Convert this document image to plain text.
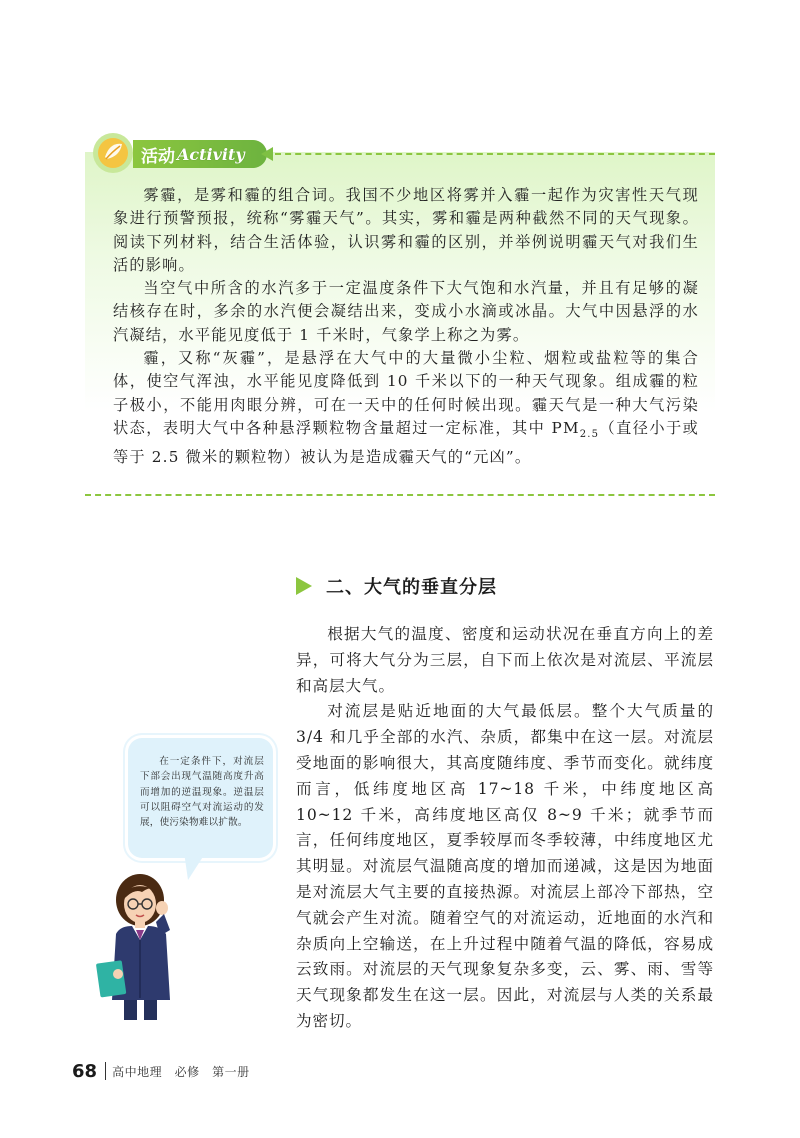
活动 Activity

雾霾，是雾和霾的组合词。我国不少地区将雾并入霾一起作为灾害性天气现象进行预警预报，统称“雾霾天气”。其实，雾和霾是两种截然不同的天气现象。阅读下列材料，结合生活体验，认识雾和霾的区别，并举例说明霾天气对我们生活的影响。

当空气中所含的水汽多于一定温度条件下大气饱和水汽量，并且有足够的凝结核存在时，多余的水汽便会凝结出来，变成小水滴或冰晶。大气中因悬浮的水汽凝结，水平能见度低于 1 千米时，气象学上称之为雾。

霾，又称“灰霾”，是悬浮在大气中的大量微小尘粒、烟粒或盐粒等的集合体，使空气浑浊，水平能见度降低到 10 千米以下的一种天气现象。组成霾的粒子极小，不能用肉眼分辨，可在一天中的任何时候出现。霾天气是一种大气污染状态，表明大气中各种悬浮颗粒物含量超过一定标准，其中 $PM_{2.5}$（直径小于或等于 2.5 微米的颗粒物）被认为是造成霾天气的“元凶”。

二、大气的垂直分层

根据大气的温度、密度和运动状况在垂直方向上的差异，可将大气分为三层，自下而上依次是对流层、平流层和高层大气。

对流层是贴近地面的大气最低层。整个大气质量的 3/4 和几乎全部的水汽、杂质，都集中在这一层。对流层受地面的影响很大，其高度随纬度、季节而变化。就纬度而言，低纬度地区高 17~18 千米，中纬度地区高 10~12 千米，高纬度地区高仅 8~9 千米；就季节而言，任何纬度地区，夏季较厚而冬季较薄，中纬度地区尤其明显。对流层气温随高度的增加而递减，这是因为地面是对流层大气主要的直接热源。对流层上部冷下部热，空气就会产生对流。随着空气的对流运动，近地面的水汽和杂质向上空输送，在上升过程中随着气温的降低，容易成云致雨。对流层的天气现象复杂多变，云、雾、雨、雪等天气现象都发生在这一层。因此，对流层与人类的关系最为密切。

在一定条件下，对流层下部会出现气温随高度升高而增加的逆温现象。逆温层可以阻碍空气对流运动的发展，使污染物难以扩散。
68 高中地理　必修　第一册
